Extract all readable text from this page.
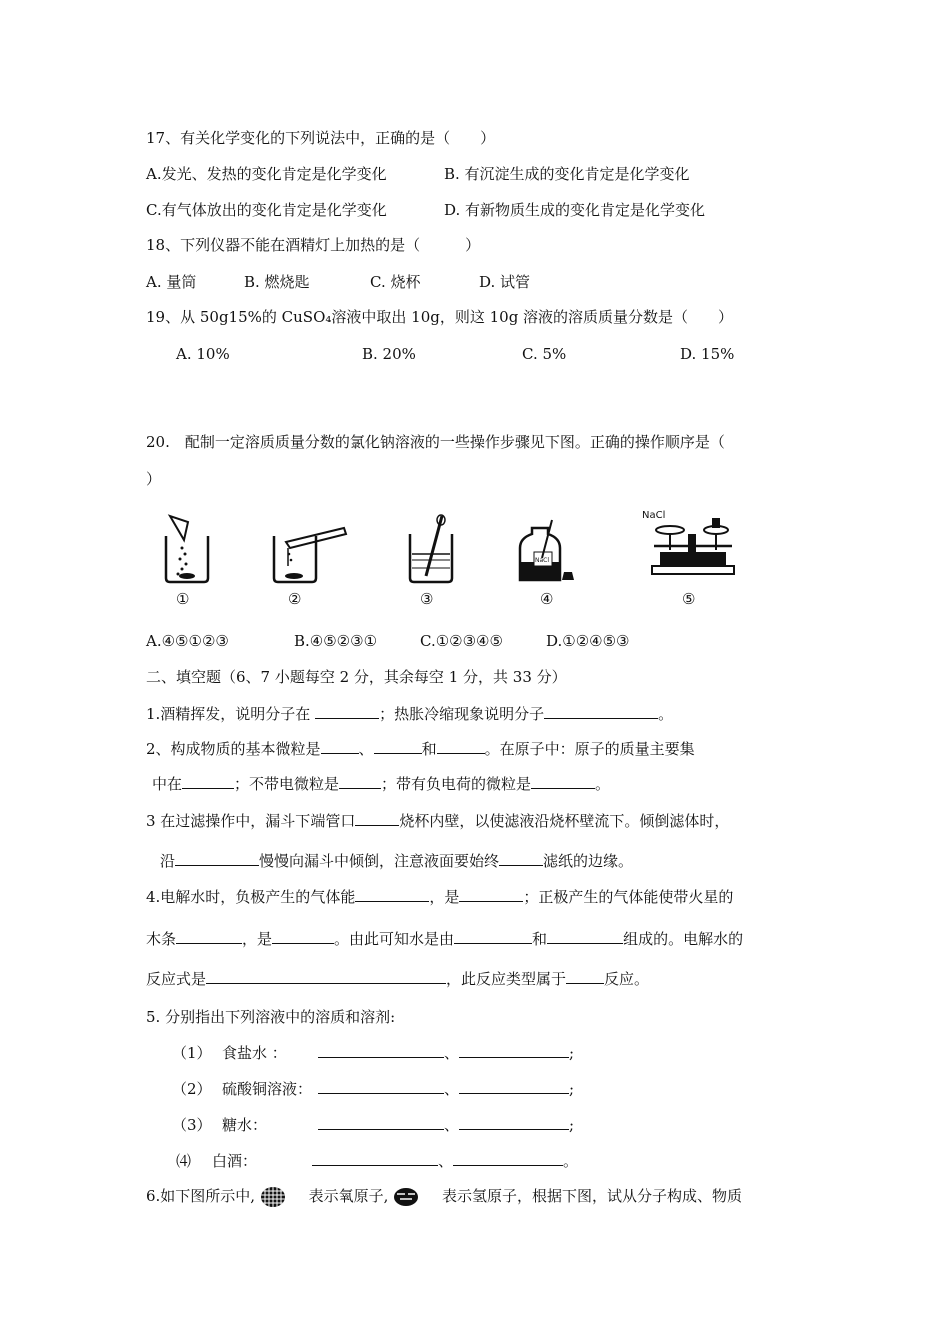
17、有关化学变化的下列说法中，正确的是（　　）
A.发光、发热的变化肯定是化学变化	B. 有沉淀生成的变化肯定是化学变化
C.有气体放出的变化肯定是化学变化	D. 有新物质生成的变化肯定是化学变化
18、下列仪器不能在酒精灯上加热的是（　　　）
A. 量筒	B. 燃烧匙	C. 烧杯	D. 试管
19、从 50g15%的 CuSO₄溶液中取出 10g，则这 10g 溶液的溶质质量分数是（　　）
A. 10%	B. 20%	C. 5%	D. 15%
20.　配制一定溶质质量分数的氯化钠溶液的一些操作步骤见下图。正确的操作顺序是（
）
①	②	③
NaCl
④
NaCl
⑤
A.④⑤①②③	B.④⑤②③①	C.①②③④⑤	D.①②④⑤③
二、填空题（6、7 小题每空 2 分，其余每空 1 分，共 33 分）
1.酒精挥发，说明分子在	；热胀冷缩现象说明分子	。
2、构成物质的基本微粒是	、	和	。在原子中：原子的质量主要集
中在	；不带电微粒是	；带有负电荷的微粒是	。
3 在过滤操作中，漏斗下端管口	烧杯内壁，以使滤液沿烧杯壁流下。倾倒滤体时，
沿	慢慢向漏斗中倾倒，注意液面要始终	滤纸的边缘。
4.电解水时，负极产生的气体能	，是	；正极产生的气体能使带火星的
木条	，是	。由此可知水是由	和	组成的。电解水的
反应式是	，此反应类型属于	反应。
5. 分别指出下列溶液中的溶质和溶剂:
（1） 食盐水 ：	、	;
（2） 硫酸铜溶液：	、	;
（3） 糖水：	、	;
⑷ 白酒：	、	。
6.如下图所示中,	表示氧原子,	表示氢原子，根据下图，试从分子构成、物质
